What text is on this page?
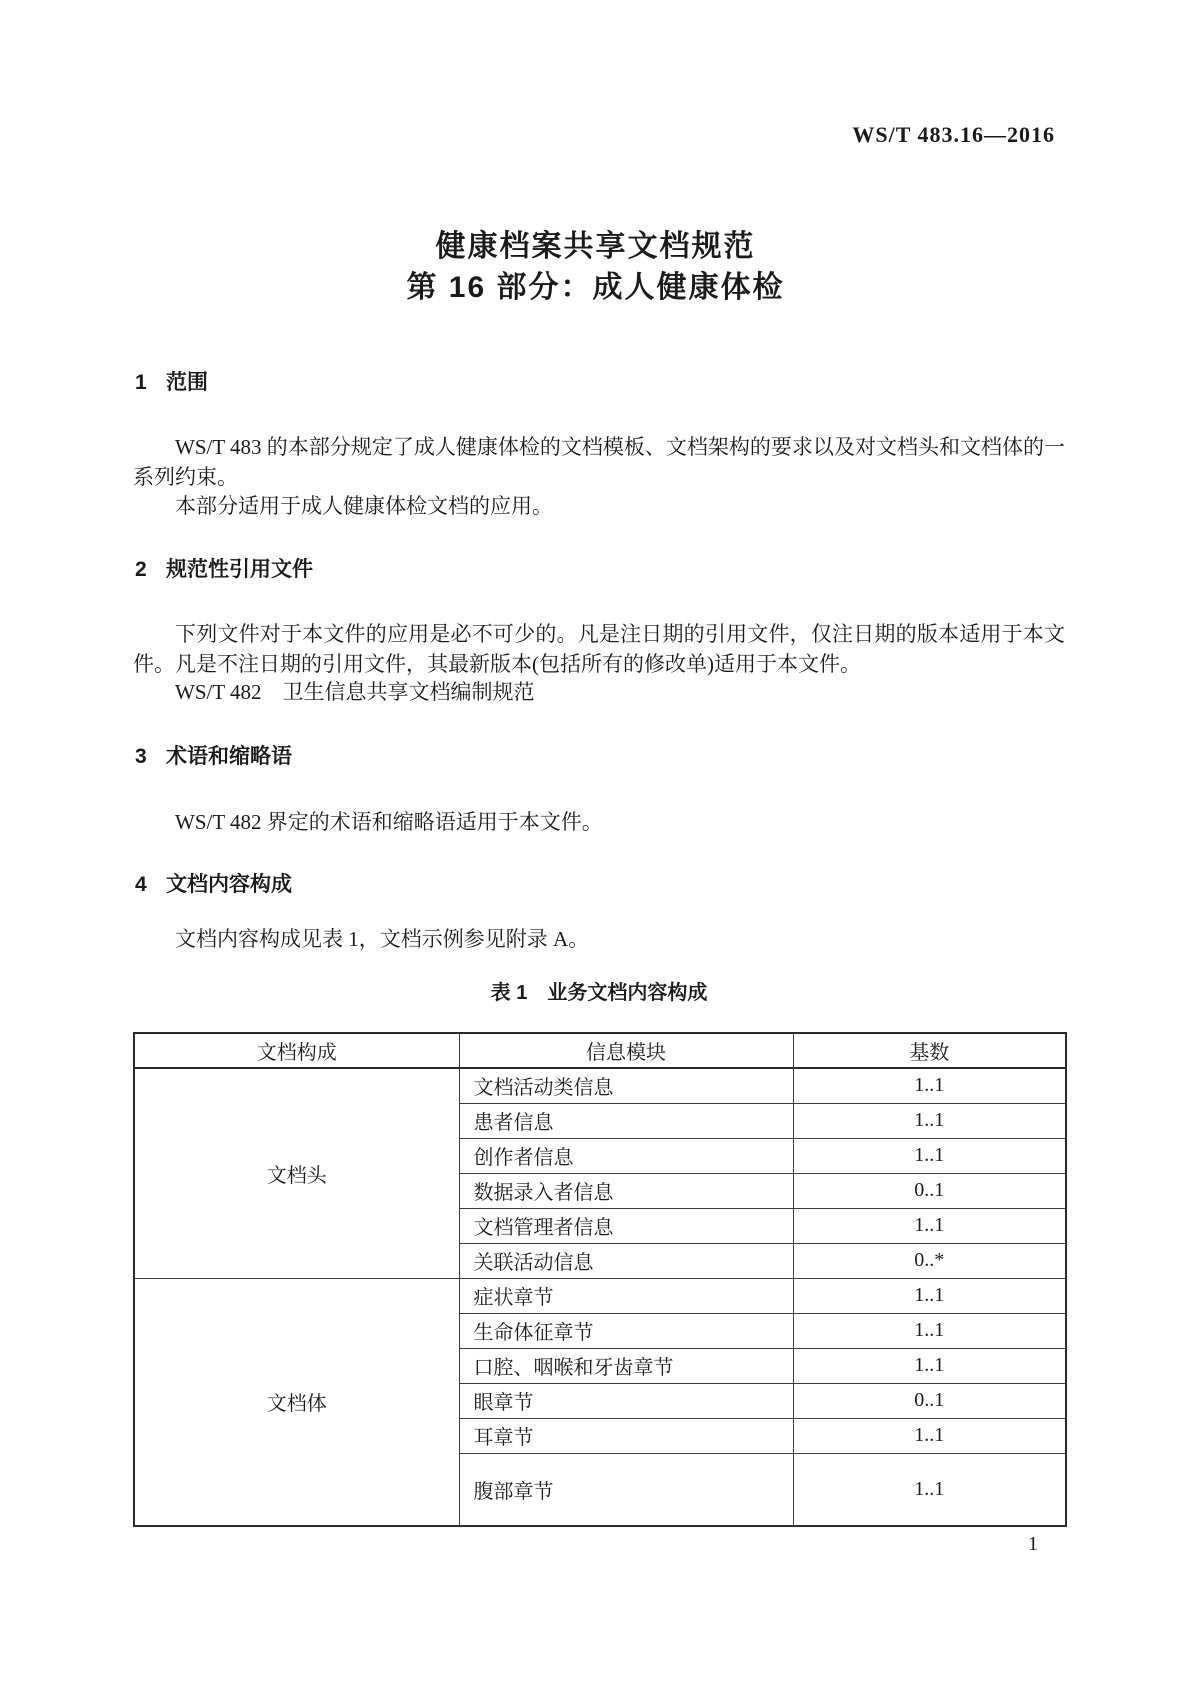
WS/T 483.16—2016
健康档案共享文档规范
第 16 部分：成人健康体检
1 范围
WS/T 483 的本部分规定了成人健康体检的文档模板、文档架构的要求以及对文档头和文档体的一系列约束。
本部分适用于成人健康体检文档的应用。
2 规范性引用文件
下列文件对于本文件的应用是必不可少的。凡是注日期的引用文件，仅注日期的版本适用于本文件。凡是不注日期的引用文件，其最新版本(包括所有的修改单)适用于本文件。
WS/T 482　卫生信息共享文档编制规范
3 术语和缩略语
WS/T 482 界定的术语和缩略语适用于本文件。
4 文档内容构成
文档内容构成见表 1，文档示例参见附录 A。
表 1　业务文档内容构成
文档构成	信息模块	基数
文档头	文档活动类信息	1..1
	患者信息	1..1
	创作者信息	1..1
	数据录入者信息	0..1
	文档管理者信息	1..1
	关联活动信息	0..*
文档体	症状章节	1..1
	生命体征章节	1..1
	口腔、咽喉和牙齿章节	1..1
	眼章节	0..1
	耳章节	1..1
	腹部章节	1..1
1
